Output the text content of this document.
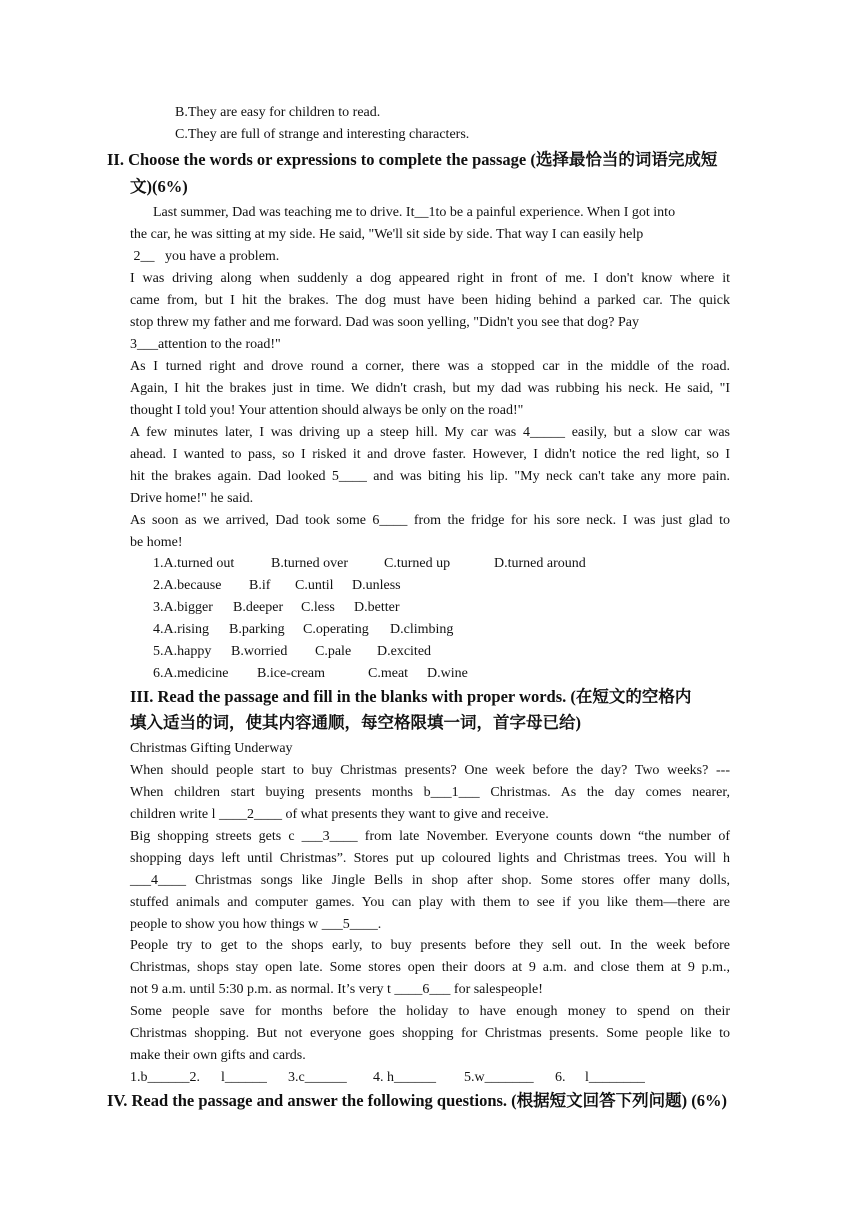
B.They are easy for children to read.
C.They are full of strange and interesting characters.
II. Choose the words or expressions to complete the passage (选择最恰当的词语完成短
文)(6%)
Last summer, Dad was teaching me to drive. It__1to be a painful experience. When I got into
the car, he was sitting at my side. He said, "We'll sit side by side. That way I can easily help
2__   you have a problem.
I was driving along when suddenly a dog appeared right in front of me. I don't know where it
came from, but I hit the brakes. The dog must have been hiding behind a parked car. The quick
stop threw my father and me forward. Dad was soon yelling, "Didn't you see that dog? Pay
3___attention to the road!"
As I turned right and drove round a corner, there was a stopped car in the middle of the road.
Again, I hit the brakes just in time. We didn't crash, but my dad was rubbing his neck. He said, "I
thought I told you! Your attention should always be only on the road!"
A few minutes later, I was driving up a steep hill. My car was 4_____ easily, but a slow car was
ahead. I wanted to pass, so I risked it and drove faster. However, I didn't notice the red light, so I
hit the brakes again. Dad looked 5____ and was biting his lip. "My neck can't take any more pain.
Drive home!" he said.
As soon as we arrived, Dad took some 6____ from the fridge for his sore neck. I was just glad to
be home!
1.A.turned out	B.turned over	C.turned up	D.turned around
2.A.because B.if C.until D.unless
3.A.bigger B.deeper C.less D.better
4.A.rising B.parking C.operating D.climbing
5.A.happy B.worried C.pale D.excited
6.A.medicine B.ice-cream	C.meat D.wine
III. Read the passage and fill in the blanks with proper words. (在短文的空格内
填入适当的词，使其内容通顺，每空格限填一词，首字母已给)
Christmas Gifting Underway
When should people start to buy Christmas presents? One week before the day? Two weeks? ---
When children start buying presents months b___1___ Christmas. As the day comes nearer,
children write l ____2____ of what presents they want to give and receive.
Big shopping streets gets c ___3____ from late November. Everyone counts down “the number of
shopping days left until Christmas”. Stores put up coloured lights and Christmas trees. You will h
___4____ Christmas songs like Jingle Bells in shop after shop. Some stores offer many dolls,
stuffed animals and computer games. You can play with them to see if you like them—there are
people to show you how things w ___5____.
People try to get to the shops early, to buy presents before they sell out. In the week before
Christmas, shops stay open late. Some stores open their doors at 9 a.m. and close them at 9 p.m.,
not 9 a.m. until 5:30 p.m. as normal. It’s very t ____6___ for salespeople!
Some people save for months before the holiday to have enough money to spend on their
Christmas shopping. But not everyone goes shopping for Christmas presents. Some people like to
make their own gifts and cards.
1.b______2. l______ 3.c______ 4. h______ 5.w_______ 6. l________
IV. Read the passage and answer the following questions. (根据短文回答下列问题) (6%)
